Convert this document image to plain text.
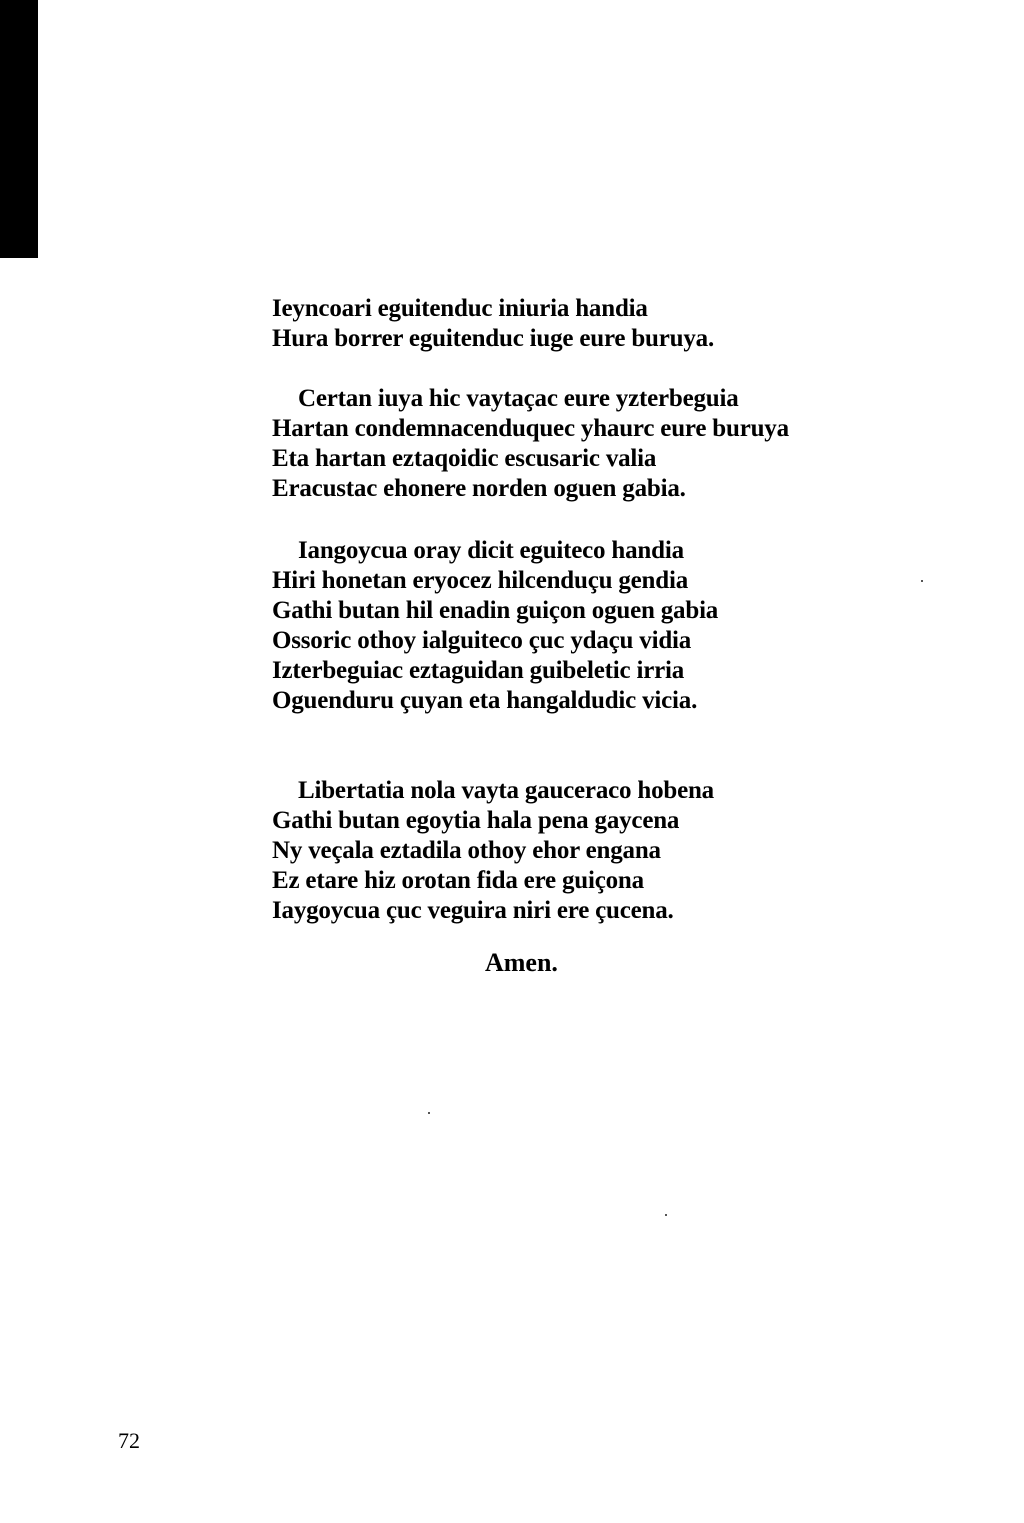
Ieyncoari eguitenduc iniuria handia
Hura borrer eguitenduc iuge eure buruya.
Certan iuya hic vaytaçac eure yzterbeguia
Hartan condemnacenduquec yhaurc eure buruya
Eta hartan eztaqoidic escusaric valia
Eracustac ehonere norden oguen gabia.
Iangoycua oray dicit eguiteco handia
Hiri honetan eryocez hilcenduçu gendia
Gathi butan hil enadin guiçon oguen gabia
Ossoric othoy ialguiteco çuc ydaçu vidia
Izterbeguiac eztaguidan guibeletic irria
Oguenduru çuyan eta hangaldudic vicia.
Libertatia nola vayta gauceraco hobena
Gathi butan egoytia hala pena gaycena
Ny veçala eztadila othoy ehor engana
Ez etare hiz orotan fida ere guiçona
Iaygoycua çuc veguira niri ere çucena.
Amen.
72
